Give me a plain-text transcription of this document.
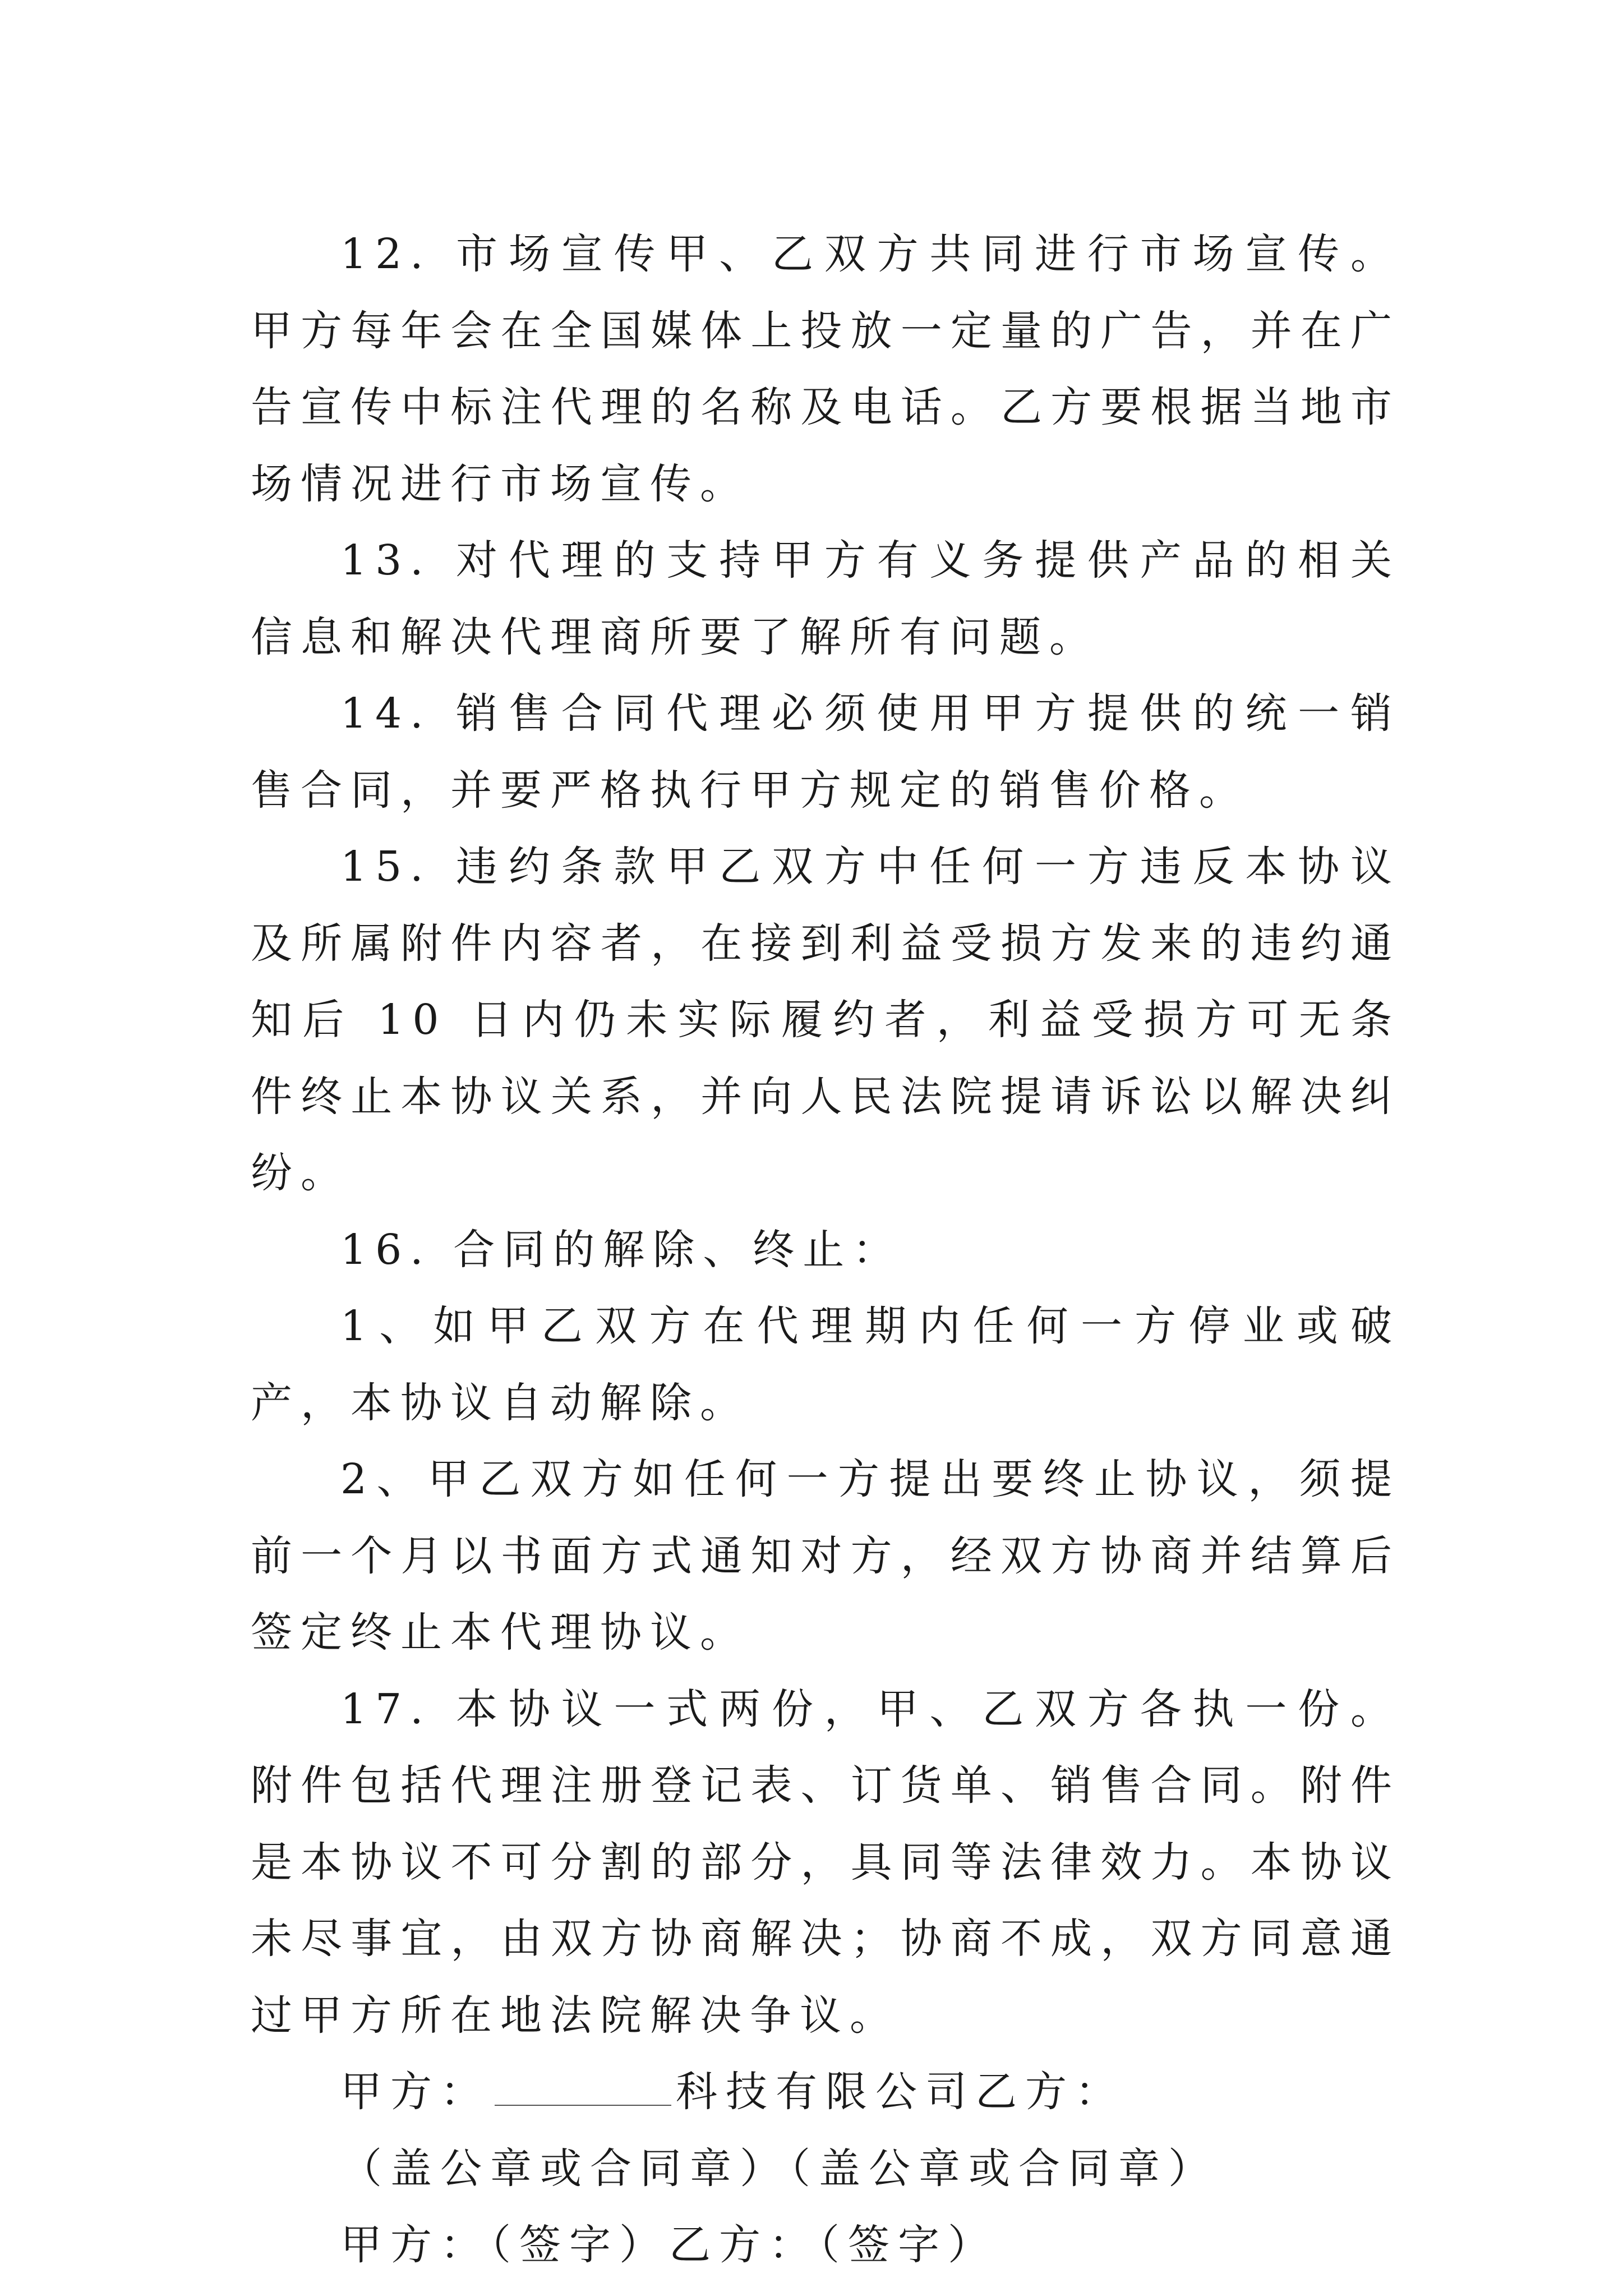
12. 市场宣传甲、乙双方共同进行市场宣传。甲方每年会在全国媒体上投放一定量的广告，并在广告宣传中标注代理的名称及电话。乙方要根据当地市场情况进行市场宣传。

13. 对代理的支持甲方有义务提供产品的相关信息和解决代理商所要了解所有问题。

14. 销售合同代理必须使用甲方提供的统一销售合同，并要严格执行甲方规定的销售价格。

15. 违约条款甲乙双方中任何一方违反本协议及所属附件内容者，在接到利益受损方发来的违约通知后 10 日内仍未实际履约者，利益受损方可无条件终止本协议关系，并向人民法院提请诉讼以解决纠纷。

16. 合同的解除、终止：

1、如甲乙双方在代理期内任何一方停业或破产，本协议自动解除。

2、甲乙双方如任何一方提出要终止协议，须提前一个月以书面方式通知对方，经双方协商并结算后签定终止本代理协议。

17. 本协议一式两份，甲、乙双方各执一份。附件包括代理注册登记表、订货单、销售合同。附件是本协议不可分割的部分，具同等法律效力。本协议未尽事宜，由双方协商解决；协商不成，双方同意通过甲方所在地法院解决争议。

甲方：	科技有限公司乙方：

（盖公章或合同章）（盖公章或合同章）

甲方：（签字）乙方：（签字）
